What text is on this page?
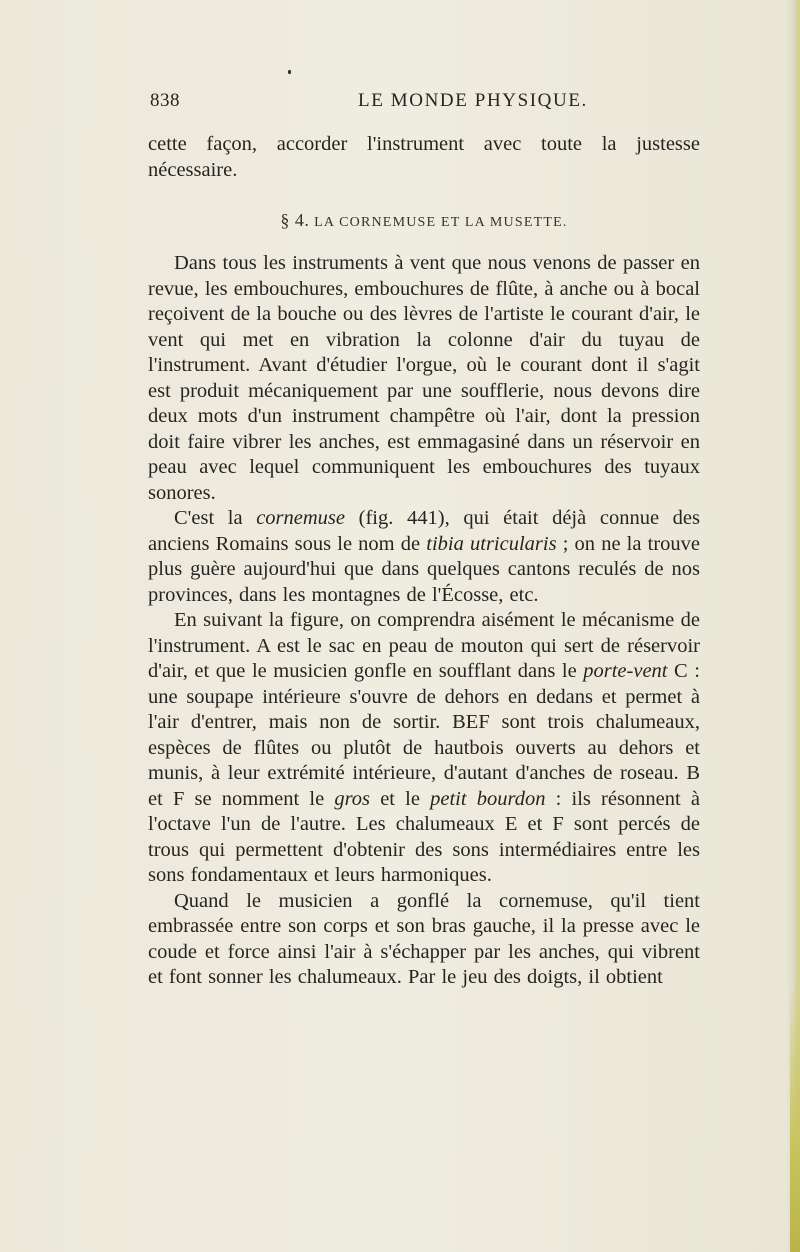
838	LE MONDE PHYSIQUE.

cette façon, accorder l'instrument avec toute la justesse nécessaire.

§ 4. LA CORNEMUSE ET LA MUSETTE.

Dans tous les instruments à vent que nous venons de passer en revue, les embouchures, embouchures de flûte, à anche ou à bocal reçoivent de la bouche ou des lèvres de l'artiste le courant d'air, le vent qui met en vibration la colonne d'air du tuyau de l'instrument. Avant d'étudier l'orgue, où le courant dont il s'agit est produit mécaniquement par une soufflerie, nous devons dire deux mots d'un instrument champêtre où l'air, dont la pression doit faire vibrer les anches, est emmagasiné dans un réservoir en peau avec lequel communiquent les embouchures des tuyaux sonores.

C'est la cornemuse (fig. 441), qui était déjà connue des anciens Romains sous le nom de tibia utricularis ; on ne la trouve plus guère aujourd'hui que dans quelques cantons reculés de nos provinces, dans les montagnes de l'Écosse, etc.

En suivant la figure, on comprendra aisément le mécanisme de l'instrument. A est le sac en peau de mouton qui sert de réservoir d'air, et que le musicien gonfle en soufflant dans le porte-vent C : une soupape intérieure s'ouvre de dehors en dedans et permet à l'air d'entrer, mais non de sortir. BEF sont trois chalumeaux, espèces de flûtes ou plutôt de hautbois ouverts au dehors et munis, à leur extrémité intérieure, d'autant d'anches de roseau. B et F se nomment le gros et le petit bourdon : ils résonnent à l'octave l'un de l'autre. Les chalumeaux E et F sont percés de trous qui permettent d'obtenir des sons intermédiaires entre les sons fondamentaux et leurs harmoniques.

Quand le musicien a gonflé la cornemuse, qu'il tient embrassée entre son corps et son bras gauche, il la presse avec le coude et force ainsi l'air à s'échapper par les anches, qui vibrent et font sonner les chalumeaux. Par le jeu des doigts, il obtient
